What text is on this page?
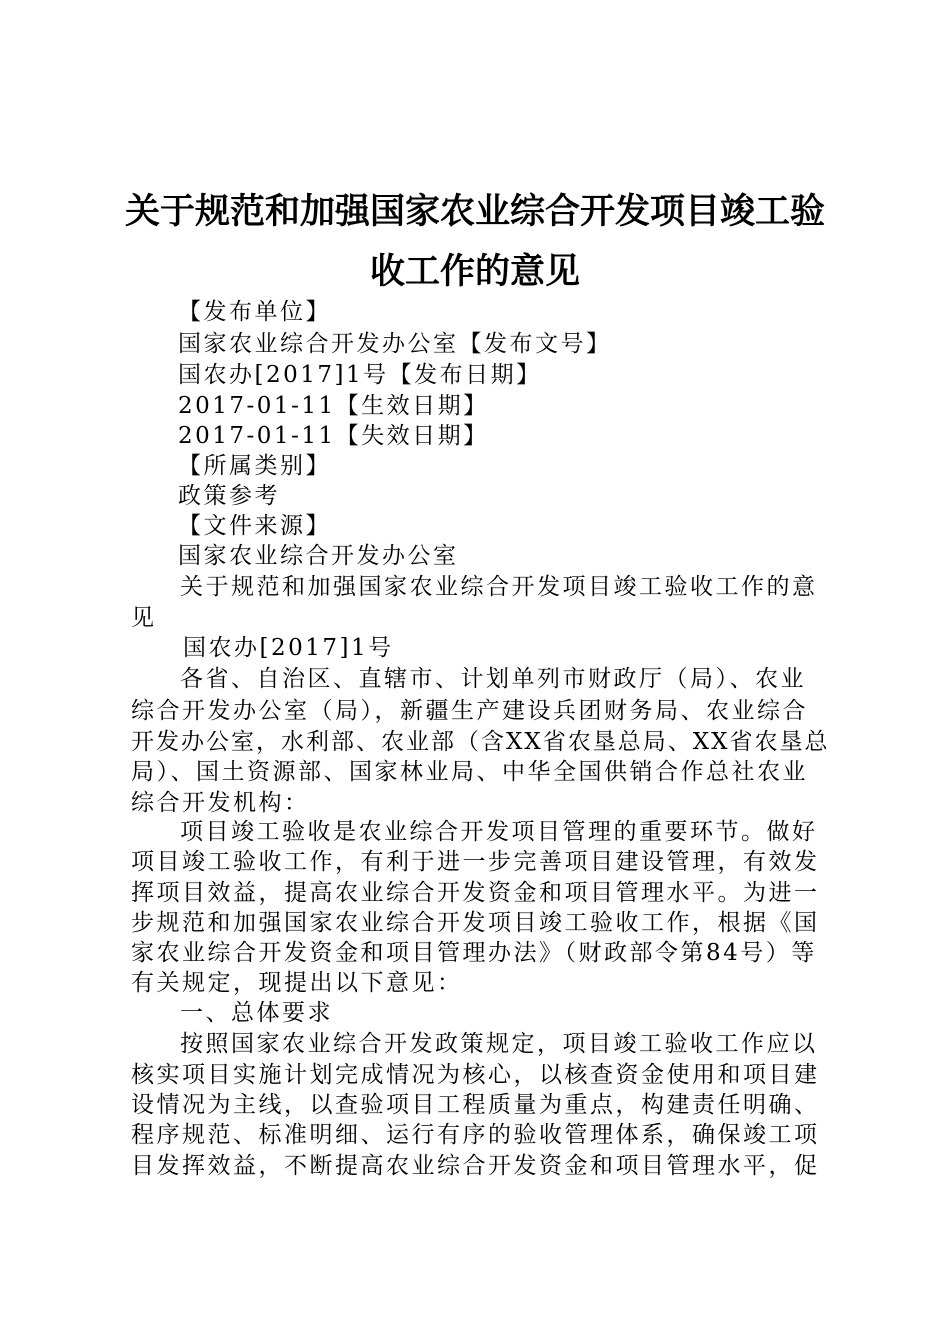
关于规范和加强国家农业综合开发项目竣工验
收工作的意见
【发布单位】
国家农业综合开发办公室【发布文号】
国农办[2017]1号【发布日期】
2017-01-11【生效日期】
2017-01-11【失效日期】
【所属类别】
政策参考
【文件来源】
国家农业综合开发办公室
关于规范和加强国家农业综合开发项目竣工验收工作的意
见
国农办[2017]1号
各省、自治区、直辖市、计划单列市财政厅（局）、农业
综合开发办公室（局），新疆生产建设兵团财务局、农业综合
开发办公室，水利部、农业部（含XX省农垦总局、XX省农垦总
局）、国土资源部、国家林业局、中华全国供销合作总社农业
综合开发机构：
项目竣工验收是农业综合开发项目管理的重要环节。做好
项目竣工验收工作，有利于进一步完善项目建设管理，有效发
挥项目效益，提高农业综合开发资金和项目管理水平。为进一
步规范和加强国家农业综合开发项目竣工验收工作，根据《国
家农业综合开发资金和项目管理办法》（财政部令第84号）等
有关规定，现提出以下意见：
一、总体要求
按照国家农业综合开发政策规定，项目竣工验收工作应以
核实项目实施计划完成情况为核心，以核查资金使用和项目建
设情况为主线，以查验项目工程质量为重点，构建责任明确、
程序规范、标准明细、运行有序的验收管理体系，确保竣工项
目发挥效益，不断提高农业综合开发资金和项目管理水平，促
